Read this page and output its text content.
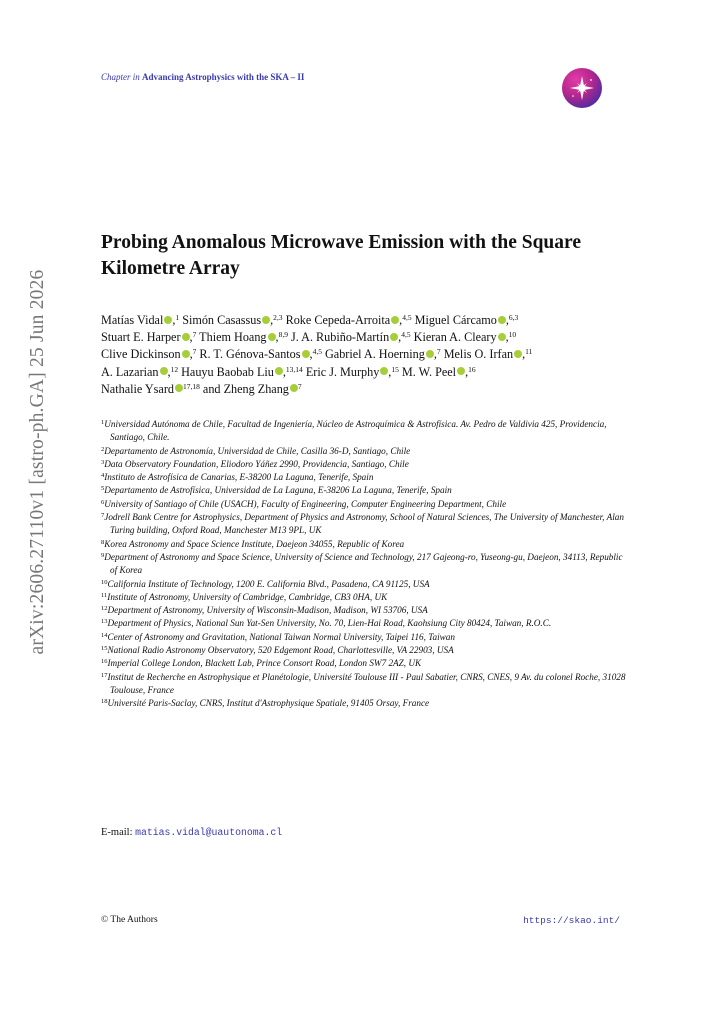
arXiv:2606.27110v1 [astro-ph.GA] 25 Jun 2026
Chapter in Advancing Astrophysics with the SKA – II
Probing Anomalous Microwave Emission with the Square Kilometre Array
Matías Vidal ,$^1$ Simón Casassus ,$^{2,3}$ Roke Cepeda-Arroita ,$^{4,5}$ Miguel Cárcamo ,$^{6,3}$
Stuart E. Harper ,$^7$ Thiem Hoang ,$^{8,9}$ J. A. Rubiño-Martín ,$^{4,5}$ Kieran A. Cleary ,$^{10}$
Clive Dickinson ,$^7$ R. T. Génova-Santos ,$^{4,5}$ Gabriel A. Hoerning ,$^7$ Melis O. Irfan ,$^{11}$
A. Lazarian ,$^{12}$ Hauyu Baobab Liu ,$^{13,14}$ Eric J. Murphy ,$^{15}$ M. W. Peel ,$^{16}$
Nathalie Ysard $^{17,18}$ and Zheng Zhang $^7$
$^1$Universidad Autónoma de Chile, Facultad de Ingeniería, Núcleo de Astroquímica & Astrofísica. Av. Pedro de Valdivia 425, Providencia, Santiago, Chile.
$^2$Departamento de Astronomía, Universidad de Chile, Casilla 36-D, Santiago, Chile
$^3$Data Observatory Foundation, Eliodoro Yáñez 2990, Providencia, Santiago, Chile
$^4$Instituto de Astrofísica de Canarias, E-38200 La Laguna, Tenerife, Spain
$^5$Departamento de Astrofísica, Universidad de La Laguna, E-38206 La Laguna, Tenerife, Spain
$^6$University of Santiago of Chile (USACH), Faculty of Engineering, Computer Engineering Department, Chile
$^7$Jodrell Bank Centre for Astrophysics, Department of Physics and Astronomy, School of Natural Sciences, The University of Manchester, Alan Turing building, Oxford Road, Manchester M13 9PL, UK
$^8$Korea Astronomy and Space Science Institute, Daejeon 34055, Republic of Korea
$^9$Department of Astronomy and Space Science, University of Science and Technology, 217 Gajeong-ro, Yuseong-gu, Daejeon, 34113, Republic of Korea
$^{10}$California Institute of Technology, 1200 E. California Blvd., Pasadena, CA 91125, USA
$^{11}$Institute of Astronomy, University of Cambridge, Cambridge, CB3 0HA, UK
$^{12}$Department of Astronomy, University of Wisconsin-Madison, Madison, WI 53706, USA
$^{13}$Department of Physics, National Sun Yat-Sen University, No. 70, Lien-Hai Road, Kaohsiung City 80424, Taiwan, R.O.C.
$^{14}$Center of Astronomy and Gravitation, National Taiwan Normal University, Taipei 116, Taiwan
$^{15}$National Radio Astronomy Observatory, 520 Edgemont Road, Charlottesville, VA 22903, USA
$^{16}$Imperial College London, Blackett Lab, Prince Consort Road, London SW7 2AZ, UK
$^{17}$Institut de Recherche en Astrophysique et Planétologie, Université Toulouse III - Paul Sabatier, CNRS, CNES, 9 Av. du colonel Roche, 31028 Toulouse, France
$^{18}$Université Paris-Saclay, CNRS, Institut d'Astrophysique Spatiale, 91405 Orsay, France
E-mail: matias.vidal@uautonoma.cl
© The Authors	https://skao.int/
